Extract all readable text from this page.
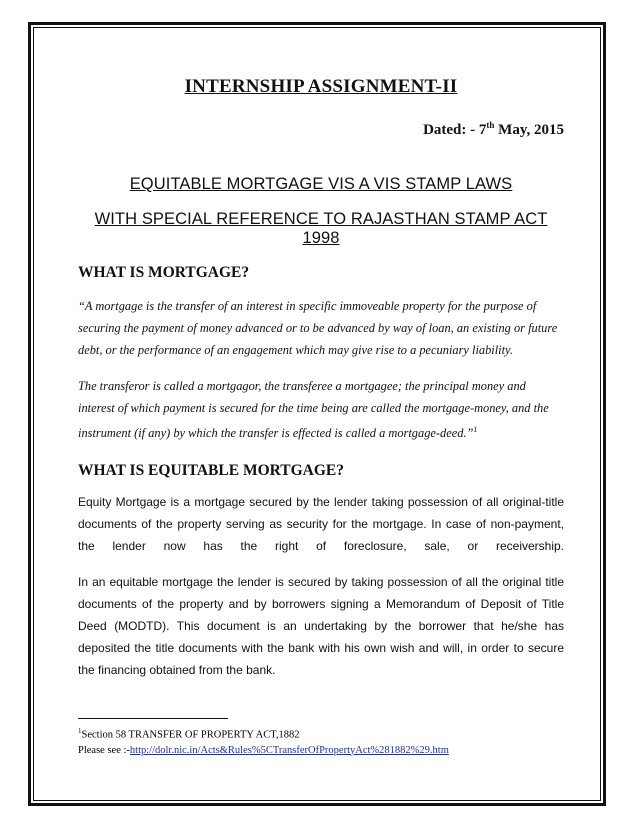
INTERNSHIP ASSIGNMENT-II
Dated: - 7th May, 2015
EQUITABLE MORTGAGE VIS A VIS STAMP LAWS
WITH SPECIAL REFERENCE TO RAJASTHAN STAMP ACT 1998
WHAT IS MORTGAGE?

“A mortgage is the transfer of an interest in specific immoveable property for the purpose of securing the payment of money advanced or to be advanced by way of loan, an existing or future debt, or the performance of an engagement which may give rise to a pecuniary liability.

The transferor is called a mortgagor, the transferee a mortgagee; the principal money and interest of which payment is secured for the time being are called the mortgage-money, and the instrument (if any) by which the transfer is effected is called a mortgage-deed.”$^1$

WHAT IS EQUITABLE MORTGAGE?

Equity Mortgage is a mortgage secured by the lender taking possession of all original-title documents of the property serving as security for the mortgage. In case of non-payment, the lender now has the right of foreclosure, sale, or receivership.

In an equitable mortgage the lender is secured by taking possession of all the original title documents of the property and by borrowers signing a Memorandum of Deposit of Title Deed (MODTD). This document is an undertaking by the borrower that he/she has deposited the title documents with the bank with his own wish and will, in order to secure the financing obtained from the bank.

$^1$Section 58 TRANSFER OF PROPERTY ACT,1882
Please see :-http://dolr.nic.in/Acts&Rules%5CTransferOfPropertyAct%281882%29.htm
